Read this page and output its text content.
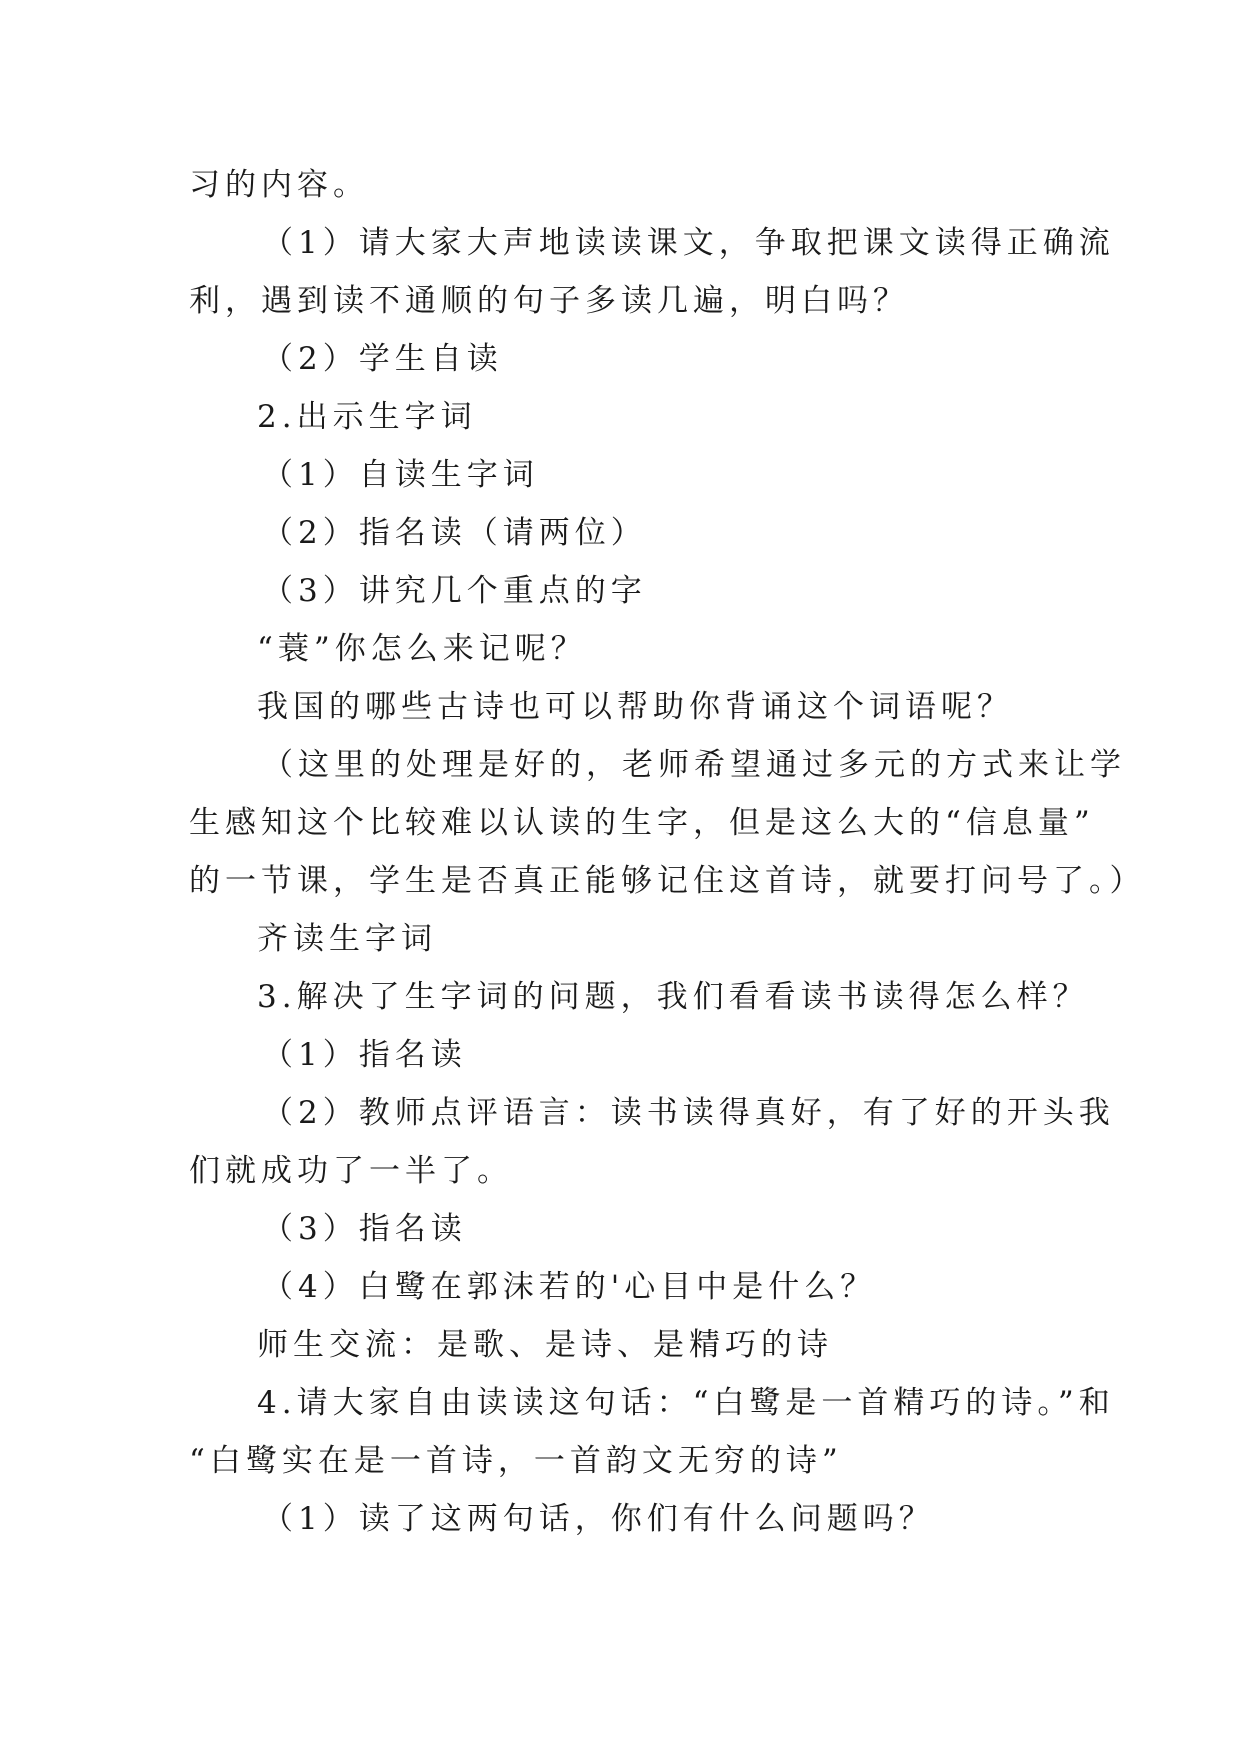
习的内容。

（1）请大家大声地读读课文，争取把课文读得正确流

利，遇到读不通顺的句子多读几遍，明白吗？

（2）学生自读

2.出示生字词

（1）自读生字词

（2）指名读（请两位）

（3）讲究几个重点的字

“蓑”你怎么来记呢？

我国的哪些古诗也可以帮助你背诵这个词语呢？

（这里的处理是好的，老师希望通过多元的方式来让学

生感知这个比较难以认读的生字，但是这么大的“信息量”

的一节课，学生是否真正能够记住这首诗，就要打问号了。）

齐读生字词

3.解决了生字词的问题，我们看看读书读得怎么样？

（1）指名读

（2）教师点评语言：读书读得真好，有了好的开头我

们就成功了一半了。

（3）指名读

（4）白鹭在郭沫若的'心目中是什么？

师生交流：是歌、是诗、是精巧的诗

4.请大家自由读读这句话：“白鹭是一首精巧的诗。”和

“白鹭实在是一首诗，一首韵文无穷的诗”

（1）读了这两句话，你们有什么问题吗？
